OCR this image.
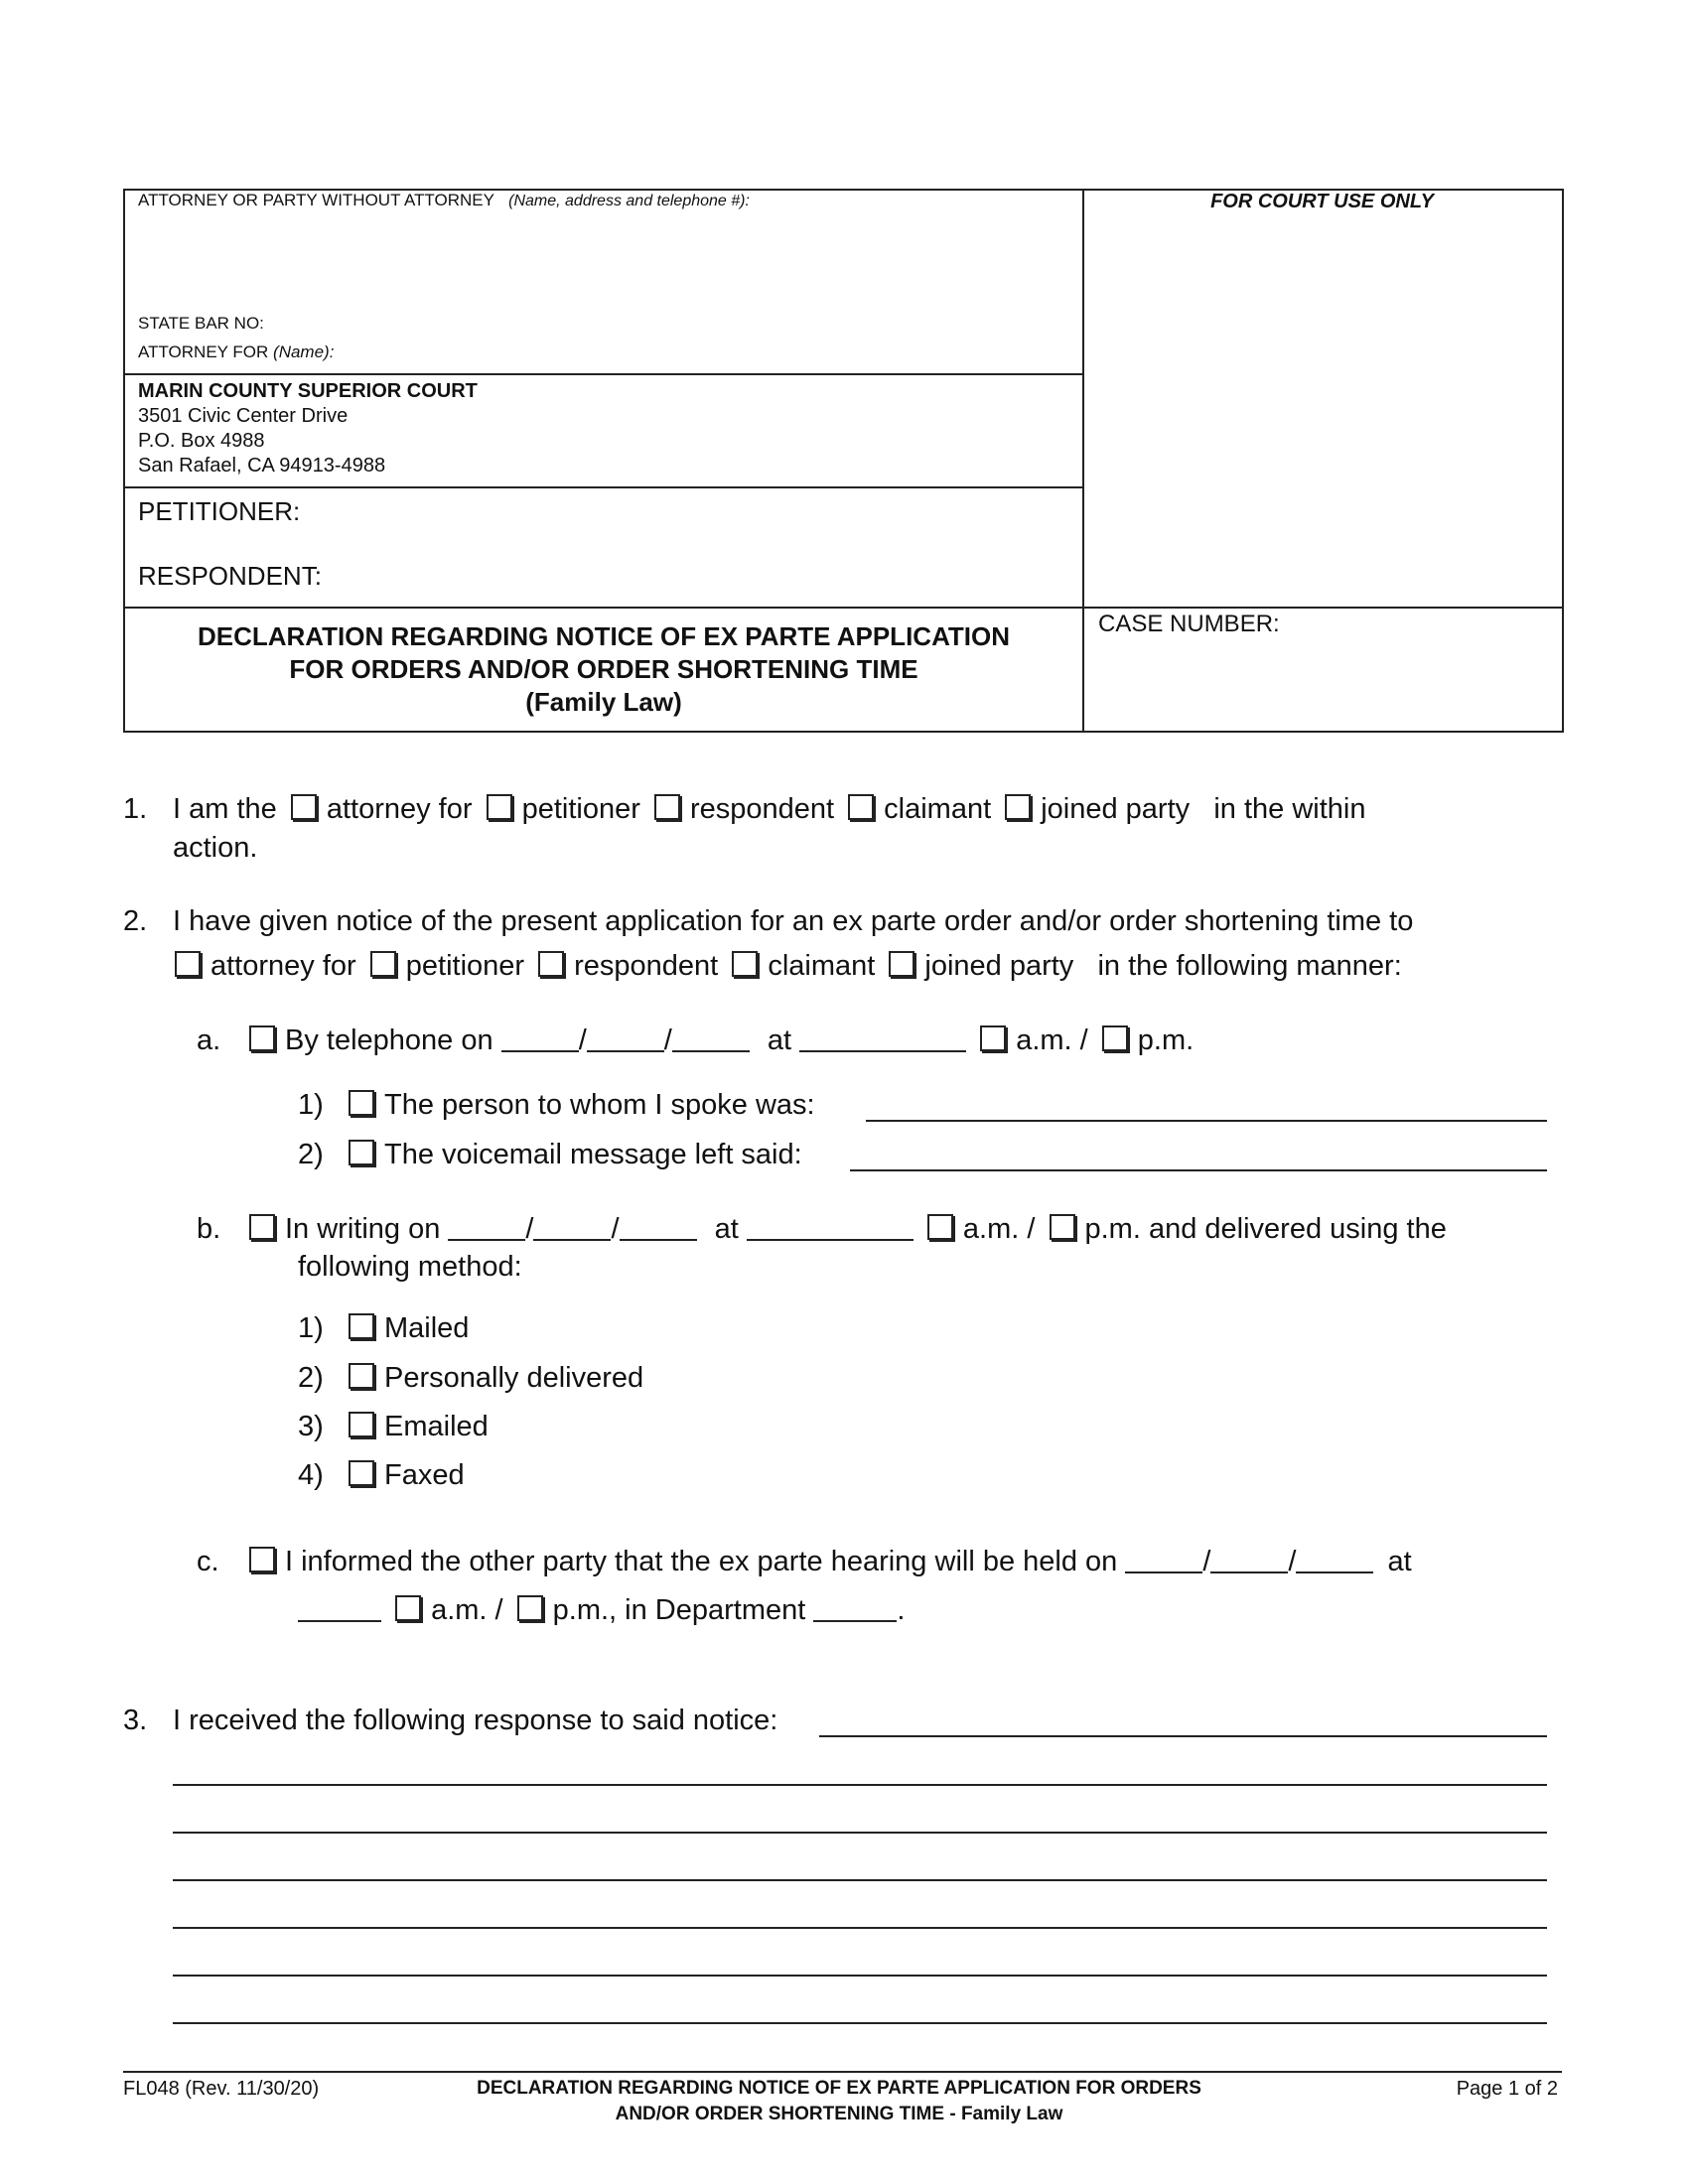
ATTORNEY OR PARTY WITHOUT ATTORNEY (Name, address and telephone #):
STATE BAR NO:
ATTORNEY FOR (Name):
FOR COURT USE ONLY
MARIN COUNTY SUPERIOR COURT
3501 Civic Center Drive
P.O. Box 4988
San Rafael, CA 94913-4988
PETITIONER:
RESPONDENT:
DECLARATION REGARDING NOTICE OF EX PARTE APPLICATION
FOR ORDERS AND/OR ORDER SHORTENING TIME
(Family Law)
CASE NUMBER:
1. I am the attorney for petitioner respondent claimant joined party in the within
action.
2. I have given notice of the present application for an ex parte order and/or order shortening time to
attorney for petitioner respondent claimant joined party in the following manner:
a.	By telephone on	/	/	at	a.m. / p.m.
1)	The person to whom I spoke was:
2)	The voicemail message left said:
b.	In writing on	/	/	at	a.m. / p.m. and delivered using the
following method:
1)	Mailed
2)	Personally delivered
3)	Emailed
4)	Faxed
c.	I informed the other party that the ex parte hearing will be held on	/	/	at
a.m. / p.m., in Department	.
3. I received the following response to said notice:
FL048 (Rev. 11/30/20)	DECLARATION REGARDING NOTICE OF EX PARTE APPLICATION FOR ORDERS
AND/OR ORDER SHORTENING TIME - Family Law
Page 1 of 2
